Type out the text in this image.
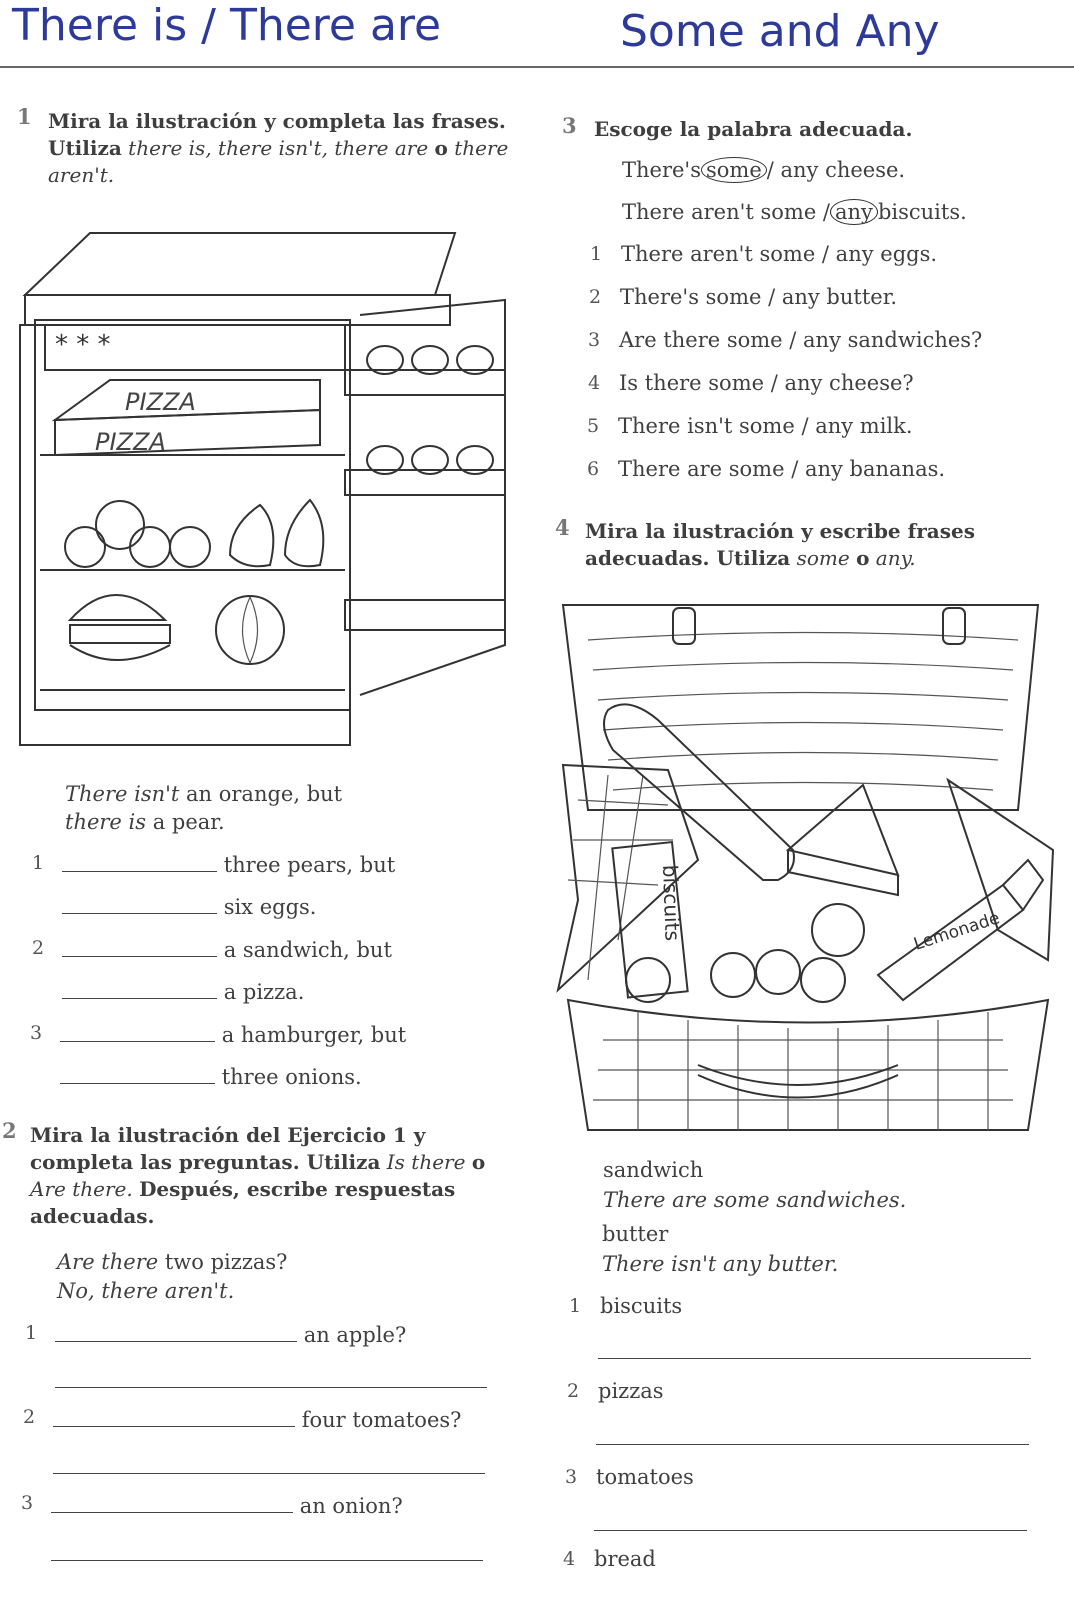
There is / There are	Some and Any
1 Mira la ilustración y completa las frases.
Utiliza there is, there isn't, there are o there aren't.
* * *
PIZZA
PIZZA
There isn't an orange, but
there is a pear.
1	three pears, but
six eggs.
2	a sandwich, but
a pizza.
3	a hamburger, but
three onions.
2 Mira la ilustración del Ejercicio 1 y
completa las preguntas. Utiliza Is there o
Are there. Después, escribe respuestas
adecuadas.
Are there two pizzas?
No, there aren't.
1	an apple?
2	four tomatoes?
3	an onion?
3 Escoge la palabra adecuada.
There's some / any cheese.
There aren't some / any biscuits.
1 There aren't some / any eggs.
2 There's some / any butter.
3 Are there some / any sandwiches?
4 Is there some / any cheese?
5 There isn't some / any milk.
6 There are some / any bananas.
4 Mira la ilustración y escribe frases
adecuadas. Utiliza some o any.
biscuits	Lemonade
sandwich
There are some sandwiches.
butter
There isn't any butter.
1 biscuits
2 pizzas
3 tomatoes
4 bread
